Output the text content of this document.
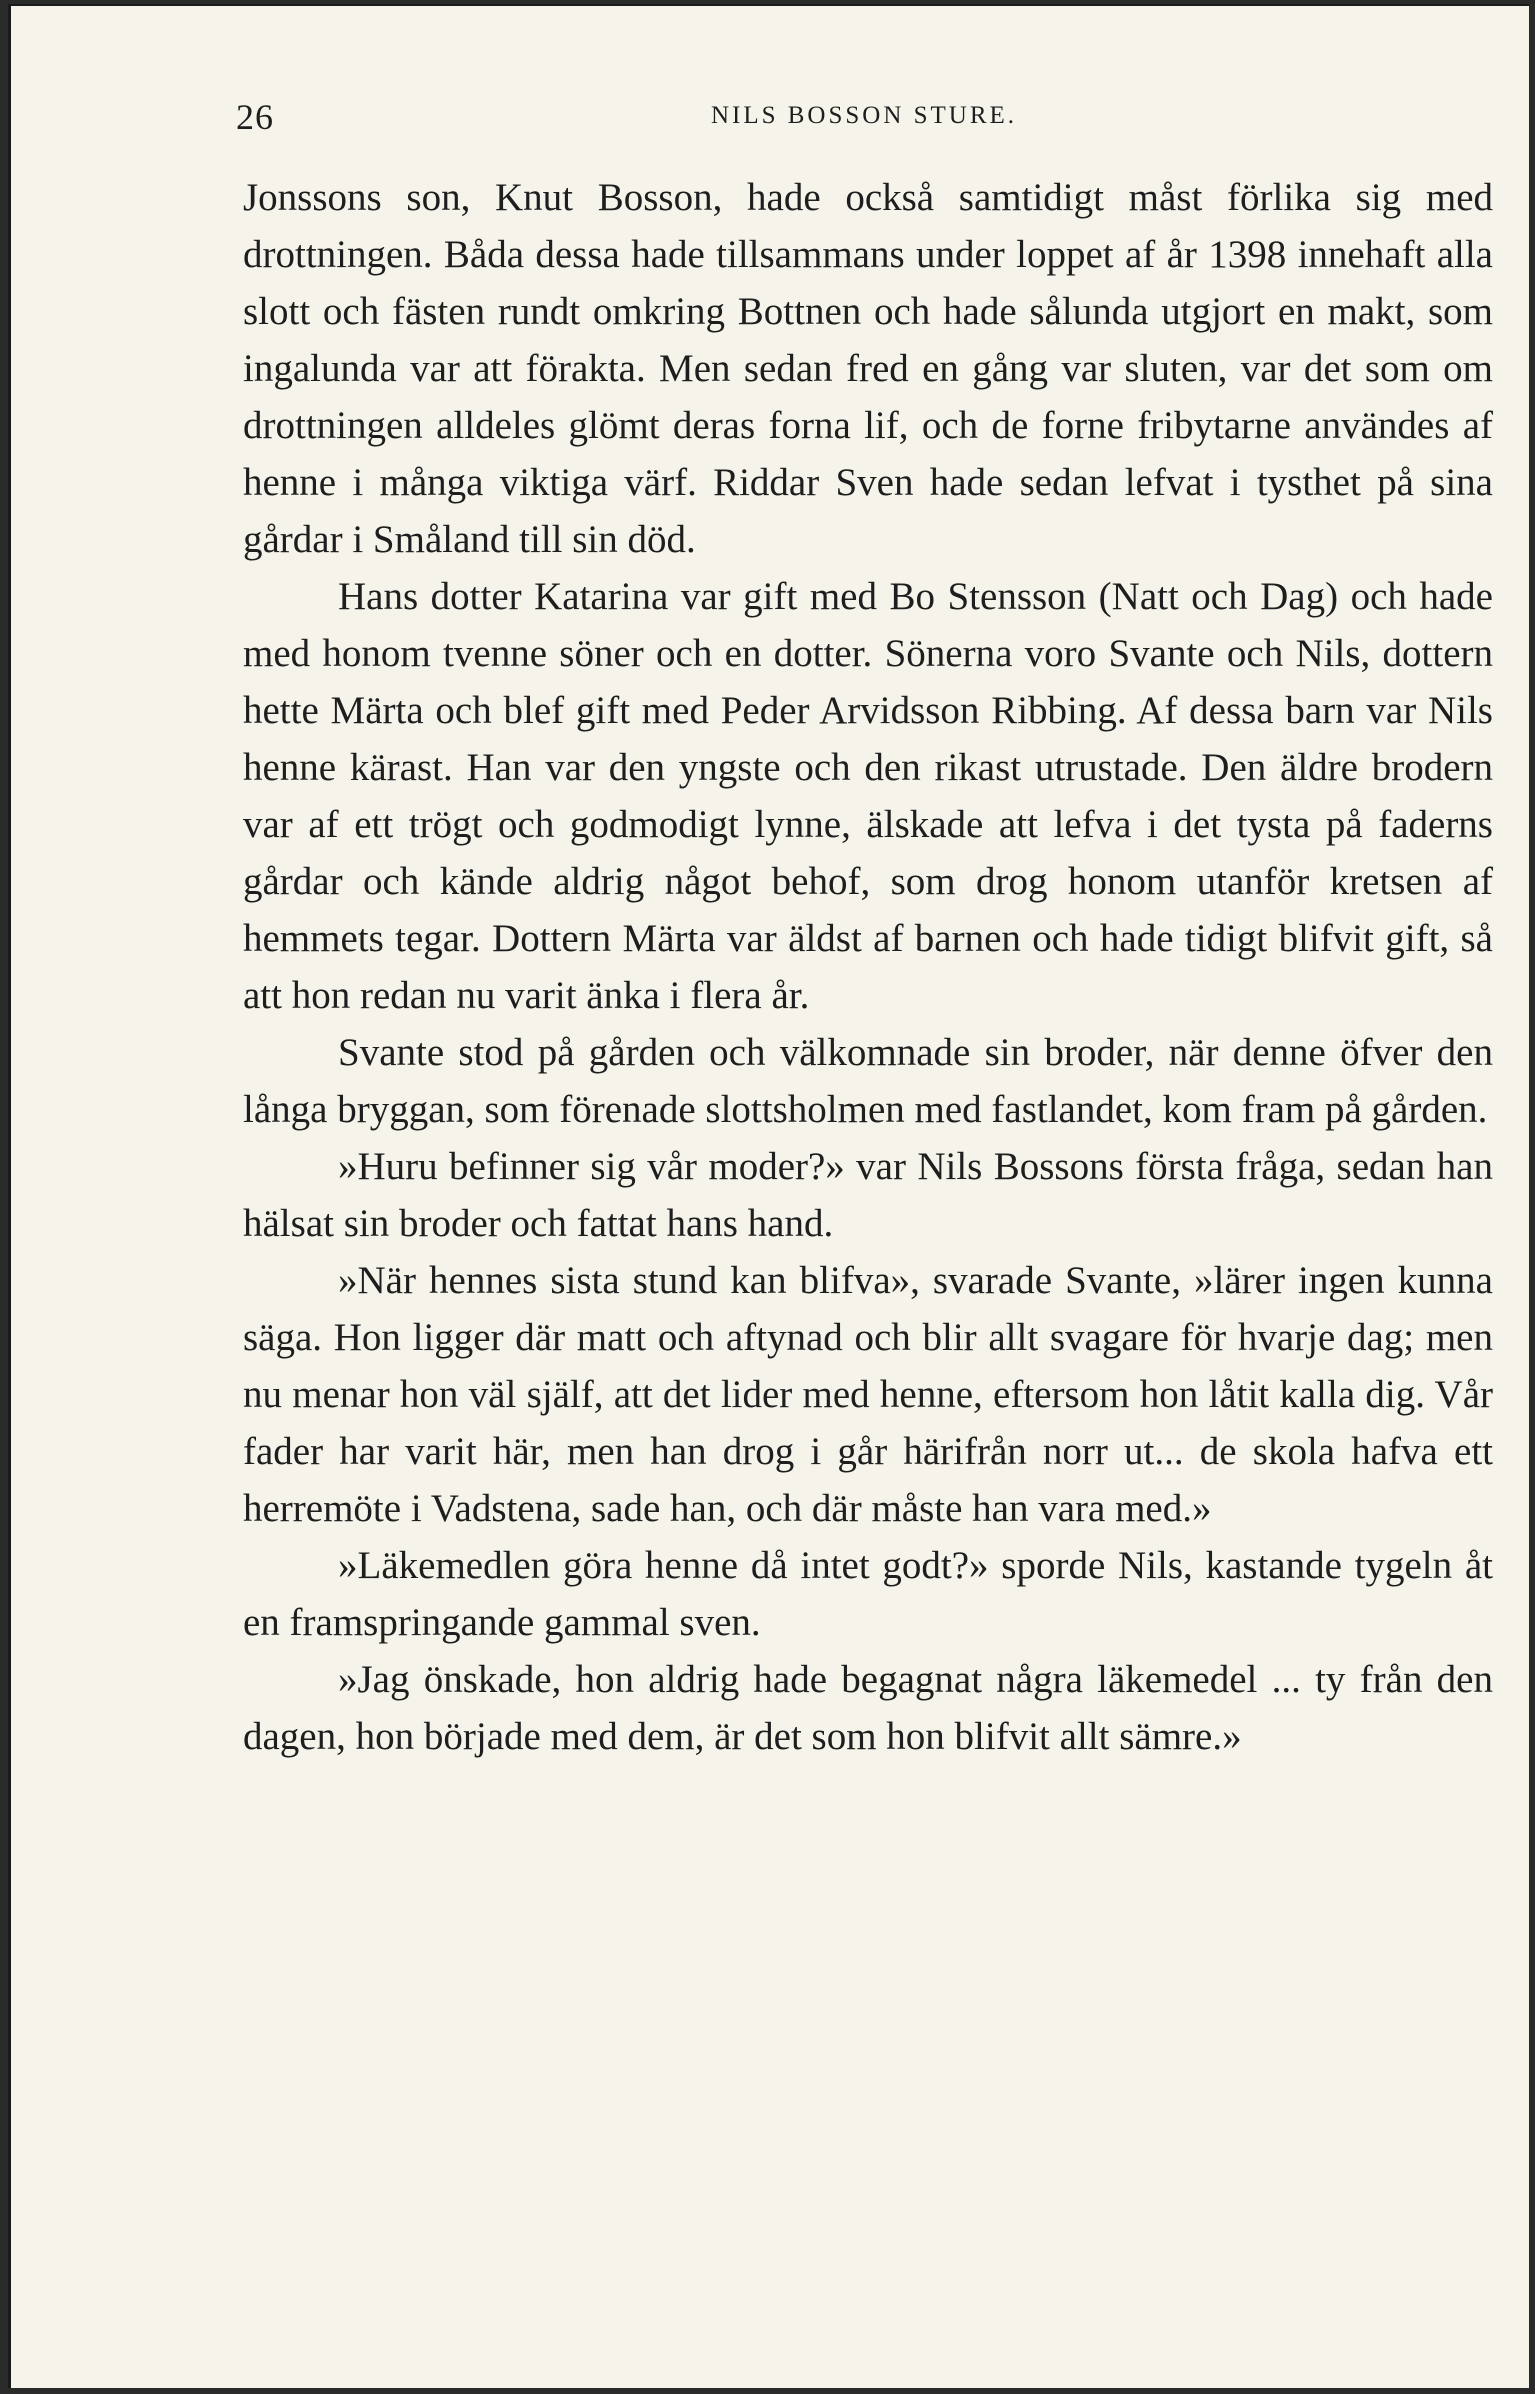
26	NILS BOSSON STURE.

Jonssons son, Knut Bosson, hade också samtidigt måst förlika sig med drottningen. Båda dessa hade tillsammans under loppet af år 1398 innehaft alla slott och fästen rundt omkring Bottnen och hade sålunda utgjort en makt, som ingalunda var att förakta. Men sedan fred en gång var sluten, var det som om drottningen alldeles glömt deras forna lif, och de forne fribytarne användes af henne i många viktiga värf. Riddar Sven hade sedan lefvat i tysthet på sina gårdar i Småland till sin död.

Hans dotter Katarina var gift med Bo Stensson (Natt och Dag) och hade med honom tvenne söner och en dotter. Sönerna voro Svante och Nils, dottern hette Märta och blef gift med Peder Arvidsson Ribbing. Af dessa barn var Nils henne kärast. Han var den yngste och den rikast utrustade. Den äldre brodern var af ett trögt och godmodigt lynne, älskade att lefva i det tysta på faderns gårdar och kände aldrig något behof, som drog honom utanför kretsen af hemmets tegar. Dottern Märta var äldst af barnen och hade tidigt blifvit gift, så att hon redan nu varit änka i flera år.

Svante stod på gården och välkomnade sin broder, när denne öfver den långa bryggan, som förenade slottsholmen med fastlandet, kom fram på gården.

»Huru befinner sig vår moder?» var Nils Bossons första fråga, sedan han hälsat sin broder och fattat hans hand.

»När hennes sista stund kan blifva», svarade Svante, »lärer ingen kunna säga. Hon ligger där matt och aftynad och blir allt svagare för hvarje dag; men nu menar hon väl själf, att det lider med henne, eftersom hon låtit kalla dig. Vår fader har varit här, men han drog i går härifrån norr ut... de skola hafva ett herremöte i Vadstena, sade han, och där måste han vara med.»

»Läkemedlen göra henne då intet godt?» sporde Nils, kastande tygeln åt en framspringande gammal sven.

»Jag önskade, hon aldrig hade begagnat några läkemedel ... ty från den dagen, hon började med dem, är det som hon blifvit allt sämre.»
